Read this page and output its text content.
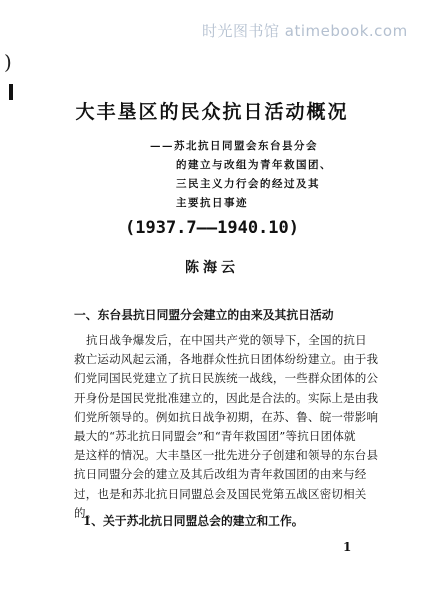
时光图书馆 atimebook.com
)
大丰垦区的民众抗日活动概况
——苏北抗日同盟会东台县分会
的建立与改组为青年救国团、
三民主义力行会的经过及其
主要抗日事迹
(1937.7——1940.10)
陈海云
一、东台县抗日同盟分会建立的由来及其抗日活动
抗日战争爆发后，在中国共产党的领导下，全国的抗日
救亡运动风起云涌，各地群众性抗日团体纷纷建立。由于我
们党同国民党建立了抗日民族统一战线，一些群众团体的公
开身份是国民党批准建立的，因此是合法的。实际上是由我
们党所领导的。例如抗日战争初期，在苏、鲁、皖一带影响
最大的“苏北抗日同盟会”和“青年救国团”等抗日团体就
是这样的情况。大丰垦区一批先进分子创建和领导的东台县
抗日同盟分会的建立及其后改组为青年救国团的由来与经
过，也是和苏北抗日同盟总会及国民党第五战区密切相关
的。
1、关于苏北抗日同盟总会的建立和工作。
1
